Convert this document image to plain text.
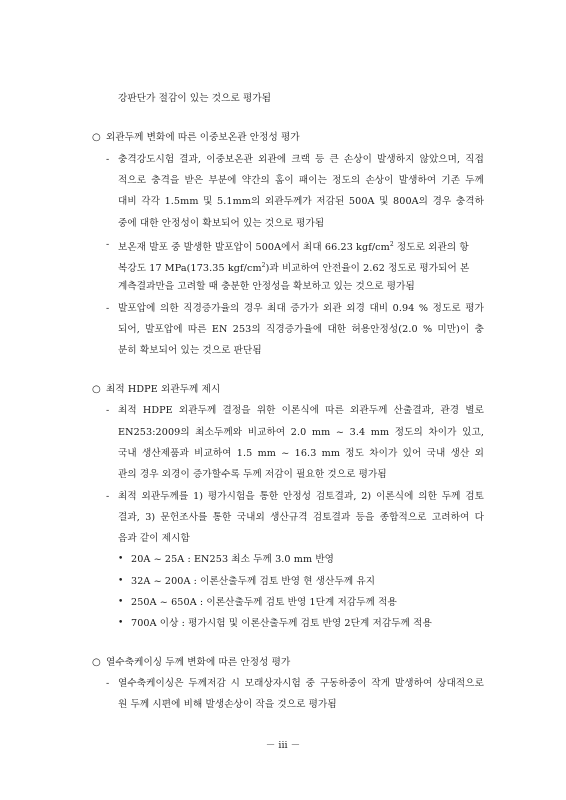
강판단가 절감이 있는 것으로 평가됨
○ 외관두께 변화에 따른 이중보온관 안정성 평가
- 충격강도시험 결과, 이중보온관 외관에 크랙 등 큰 손상이 발생하지 않았으며, 직접
적으로 충격을 받은 부분에 약간의 홈이 패이는 정도의 손상이 발생하여 기존 두께
대비 각각 1.5mm 및 5.1mm의 외관두께가 저감된 500A 및 800A의 경우 충격하
중에 대한 안정성이 확보되어 있는 것으로 평가됨
- 보온재 발포 중 발생한 발포압이 500A에서 최대 66.23 kgf/$cm^2$ 정도로 외관의 항
복강도 17 MPa(173.35 kgf/$cm^2$)과 비교하여 안전율이 2.62 정도로 평가되어 본
계측결과만을 고려할 때 충분한 안정성을 확보하고 있는 것으로 평가됨
- 발포압에 의한 직경증가율의 경우 최대 증가가 외관 외경 대비 0.94 % 정도로 평가
되어, 발포압에 따른 EN 253의 직경증가율에 대한 허용안정성(2.0 % 미만)이 충
분히 확보되어 있는 것으로 판단됨
○ 최적 HDPE 외관두께 제시
- 최적 HDPE 외관두께 결정을 위한 이론식에 따른 외관두께 산출결과, 관경 별로
EN253:2009의 최소두께와 비교하여 2.0 mm ~ 3.4 mm 정도의 차이가 있고,
국내 생산제품과 비교하여 1.5 mm ~ 16.3 mm 정도 차이가 있어 국내 생산 외
관의 경우 외경이 증가할수록 두께 저감이 필요한 것으로 평가됨
- 최적 외관두께를 1) 평가시험을 통한 안정성 검토결과, 2) 이론식에 의한 두께 검토
결과, 3) 문헌조사를 통한 국내외 생산규격 검토결과 등을 종합적으로 고려하여 다
음과 같이 제시함
• 20A ~ 25A : EN253 최소 두께 3.0 mm 반영
• 32A ~ 200A : 이론산출두께 검토 반영 현 생산두께 유지
• 250A ~ 650A : 이론산출두께 검토 반영 1단계 저감두께 적용
• 700A 이상 : 평가시험 및 이론산출두께 검토 반영 2단계 저감두께 적용
○ 열수축케이싱 두께 변화에 따른 안정성 평가
- 열수축케이싱은 두께저감 시 모래상자시험 중 구동하중이 작게 발생하여 상대적으로
원 두께 시편에 비해 발생손상이 작을 것으로 평가됨
－ iii －
